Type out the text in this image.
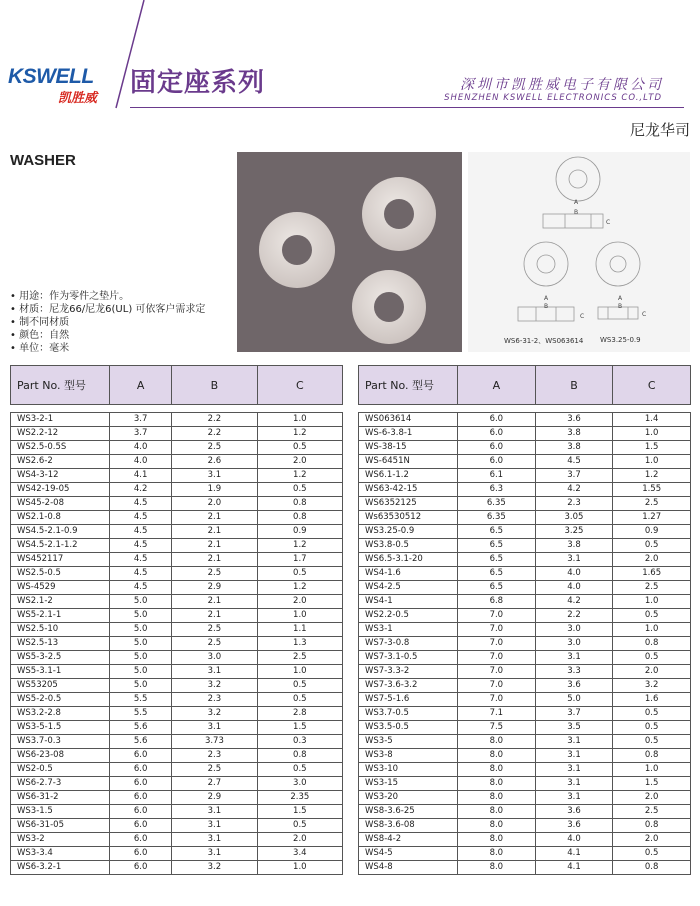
KSWELL
凯胜威
固定座系列	深圳市凯胜威电子有限公司
SHENZHEN KSWELL ELECTRONICS CO.,LTD
尼龙华司
WASHER
A
B
C
A
B
C
A
B
C
WS6-31-2、WS063614 WS3.25-0.9
• 用途：作为零件之垫片。
• 材质：尼龙66/尼龙6(UL) 可依客户需求定
• 制不同材质
• 颜色：自然
• 单位：毫米
Part No. 型号	A	B	C

WS3-2-1	3.7	2.2	1.0
WS2.2-12	3.7	2.2	1.2
WS2.5-0.5S	4.0	2.5	0.5
WS2.6-2	4.0	2.6	2.0
WS4-3-12	4.1	3.1	1.2
WS42-19-05	4.2	1.9	0.5
WS45-2-08	4.5	2.0	0.8
WS2.1-0.8	4.5	2.1	0.8
WS4.5-2.1-0.9	4.5	2.1	0.9
WS4.5-2.1-1.2	4.5	2.1	1.2
WS452117	4.5	2.1	1.7
WS2.5-0.5	4.5	2.5	0.5
WS-4529	4.5	2.9	1.2
WS2.1-2	5.0	2.1	2.0
WS5-2.1-1	5.0	2.1	1.0
WS2.5-10	5.0	2.5	1.1
WS2.5-13	5.0	2.5	1.3
WS5-3-2.5	5.0	3.0	2.5
WS5-3.1-1	5.0	3.1	1.0
WS53205	5.0	3.2	0.5
WS5-2-0.5	5.5	2.3	0.5
WS3.2-2.8	5.5	3.2	2.8
WS3-5-1.5	5.6	3.1	1.5
WS3.7-0.3	5.6	3.73	0.3
WS6-23-08	6.0	2.3	0.8
WS2-0.5	6.0	2.5	0.5
WS6-2.7-3	6.0	2.7	3.0
WS6-31-2	6.0	2.9	2.35
WS3-1.5	6.0	3.1	1.5
WS6-31-05	6.0	3.1	0.5
WS3-2	6.0	3.1	2.0
WS3-3.4	6.0	3.1	3.4
WS6-3.2-1	6.0	3.2	1.0
Part No. 型号	A	B	C

WS063614	6.0	3.6	1.4
WS-6-3.8-1	6.0	3.8	1.0
WS-38-15	6.0	3.8	1.5
WS-6451N	6.0	4.5	1.0
WS6.1-1.2	6.1	3.7	1.2
WS63-42-15	6.3	4.2	1.55
WS6352125	6.35	2.3	2.5
Ws63530512	6.35	3.05	1.27
WS3.25-0.9	6.5	3.25	0.9
WS3.8-0.5	6.5	3.8	0.5
WS6.5-3.1-20	6.5	3.1	2.0
WS4-1.6	6.5	4.0	1.65
WS4-2.5	6.5	4.0	2.5
WS4-1	6.8	4.2	1.0
WS2.2-0.5	7.0	2.2	0.5
WS3-1	7.0	3.0	1.0
WS7-3-0.8	7.0	3.0	0.8
WS7-3.1-0.5	7.0	3.1	0.5
WS7-3.3-2	7.0	3.3	2.0
WS7-3.6-3.2	7.0	3.6	3.2
WS7-5-1.6	7.0	5.0	1.6
WS3.7-0.5	7.1	3.7	0.5
WS3.5-0.5	7.5	3.5	0.5
WS3-5	8.0	3.1	0.5
WS3-8	8.0	3.1	0.8
WS3-10	8.0	3.1	1.0
WS3-15	8.0	3.1	1.5
WS3-20	8.0	3.1	2.0
WS8-3.6-25	8.0	3.6	2.5
WS8-3.6-08	8.0	3.6	0.8
WS8-4-2	8.0	4.0	2.0
WS4-5	8.0	4.1	0.5
WS4-8	8.0	4.1	0.8
